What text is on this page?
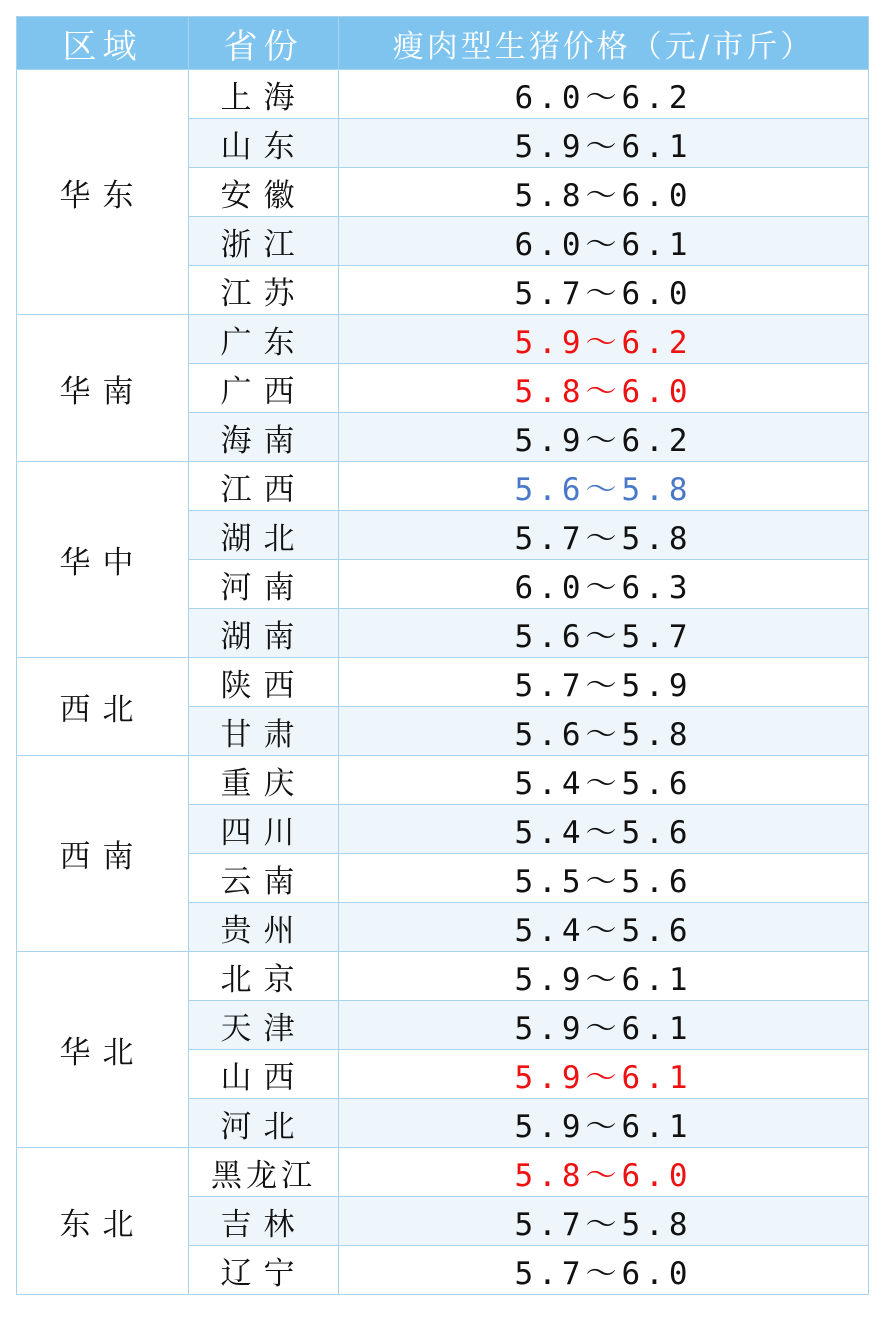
区域	省份	瘦肉型生猪价格（元/市斤）
华东	上海	6.0～6.2
	山东	5.9～6.1
	安徽	5.8～6.0
	浙江	6.0～6.1
	江苏	5.7～6.0
华南	广东	5.9～6.2
	广西	5.8～6.0
	海南	5.9～6.2
华中	江西	5.6～5.8
	湖北	5.7～5.8
	河南	6.0～6.3
	湖南	5.6～5.7
西北	陕西	5.7～5.9
	甘肃	5.6～5.8
西南	重庆	5.4～5.6
	四川	5.4～5.6
	云南	5.5～5.6
	贵州	5.4～5.6
华北	北京	5.9～6.1
	天津	5.9～6.1
	山西	5.9～6.1
	河北	5.9～6.1
东北	黑龙江	5.8～6.0
	吉林	5.7～5.8
	辽宁	5.7～6.0
